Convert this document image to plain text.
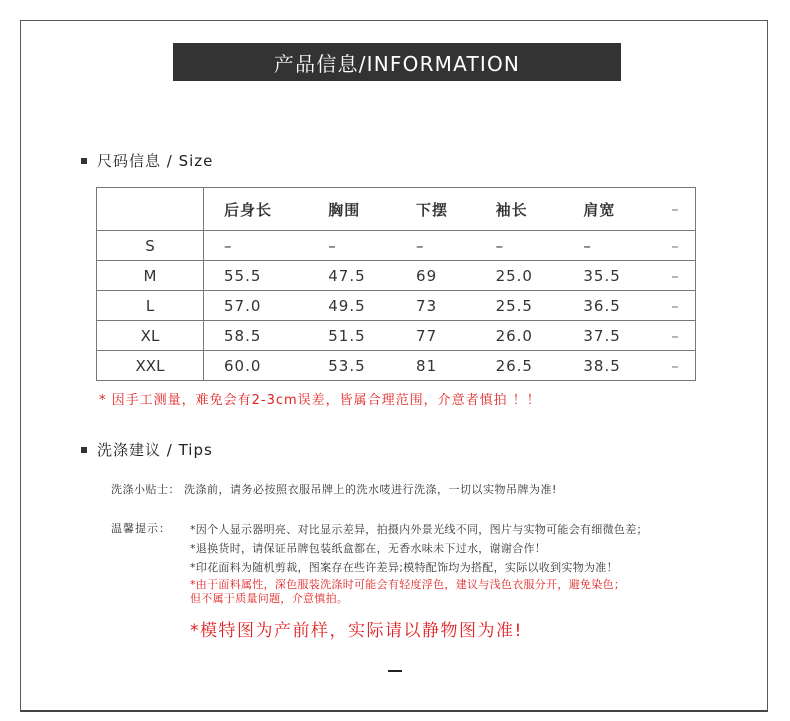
产品信息/INFORMATION
尺码信息 / Size

	后身长	胸围	下摆	袖长	肩宽	–

S	–	–	–	–	–	–

M	55.5	47.5	69	25.0	35.5	–

L	57.0	49.5	73	25.5	36.5	–

XL	58.5	51.5	77	26.0	37.5	–

XXL	60.0	53.5	81	26.5	38.5	–
* 因手工测量，难免会有2-3cm误差，皆属合理范围，介意者慎拍 ！！
洗涤建议 / Tips
洗涤小贴士： 洗涤前，请务必按照衣服吊牌上的洗水唛进行洗涤，一切以实物吊牌为准!
温馨提示： *因个人显示器明亮、对比显示差异，拍摄内外景光线不同，图片与实物可能会有细微色差；
*退换货时，请保证吊牌包装纸盒都在，无香水味未下过水，谢谢合作！
*印花面料为随机剪裁，图案存在些许差异;模特配饰均为搭配，实际以收到实物为准！
*由于面料属性，深色服装洗涤时可能会有轻度浮色，建议与浅色衣服分开，避免染色；
但不属于质量问题，介意慎拍。
*模特图为产前样，实际请以静物图为准!
